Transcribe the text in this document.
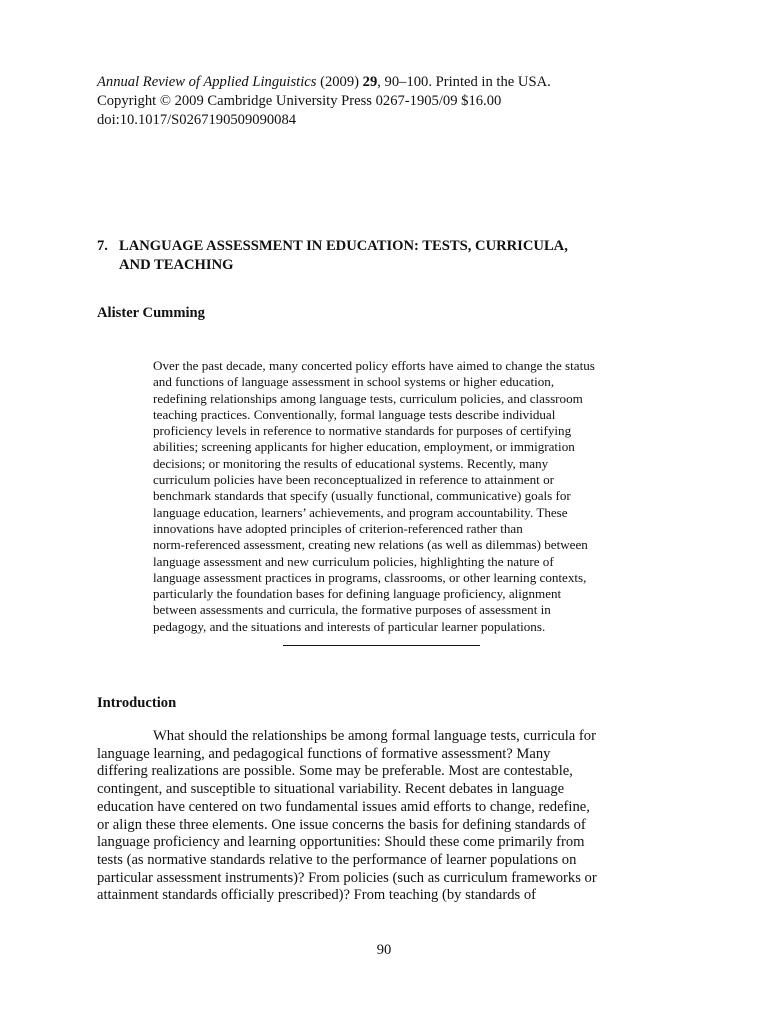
Annual Review of Applied Linguistics (2009) 29, 90–100. Printed in the USA.
Copyright © 2009 Cambridge University Press 0267-1905/09 $16.00
doi:10.1017/S0267190509090084
7. LANGUAGE ASSESSMENT IN EDUCATION: TESTS, CURRICULA,
AND TEACHING
Alister Cumming
Over the past decade, many concerted policy efforts have aimed to change the status
and functions of language assessment in school systems or higher education,
redefining relationships among language tests, curriculum policies, and classroom
teaching practices. Conventionally, formal language tests describe individual
proficiency levels in reference to normative standards for purposes of certifying
abilities; screening applicants for higher education, employment, or immigration
decisions; or monitoring the results of educational systems. Recently, many
curriculum policies have been reconceptualized in reference to attainment or
benchmark standards that specify (usually functional, communicative) goals for
language education, learners’ achievements, and program accountability. These
innovations have adopted principles of criterion-referenced rather than
norm-referenced assessment, creating new relations (as well as dilemmas) between
language assessment and new curriculum policies, highlighting the nature of
language assessment practices in programs, classrooms, or other learning contexts,
particularly the foundation bases for defining language proficiency, alignment
between assessments and curricula, the formative purposes of assessment in
pedagogy, and the situations and interests of particular learner populations.
Introduction
What should the relationships be among formal language tests, curricula for
language learning, and pedagogical functions of formative assessment? Many
differing realizations are possible. Some may be preferable. Most are contestable,
contingent, and susceptible to situational variability. Recent debates in language
education have centered on two fundamental issues amid efforts to change, redefine,
or align these three elements. One issue concerns the basis for defining standards of
language proficiency and learning opportunities: Should these come primarily from
tests (as normative standards relative to the performance of learner populations on
particular assessment instruments)? From policies (such as curriculum frameworks or
attainment standards officially prescribed)? From teaching (by standards of
90
